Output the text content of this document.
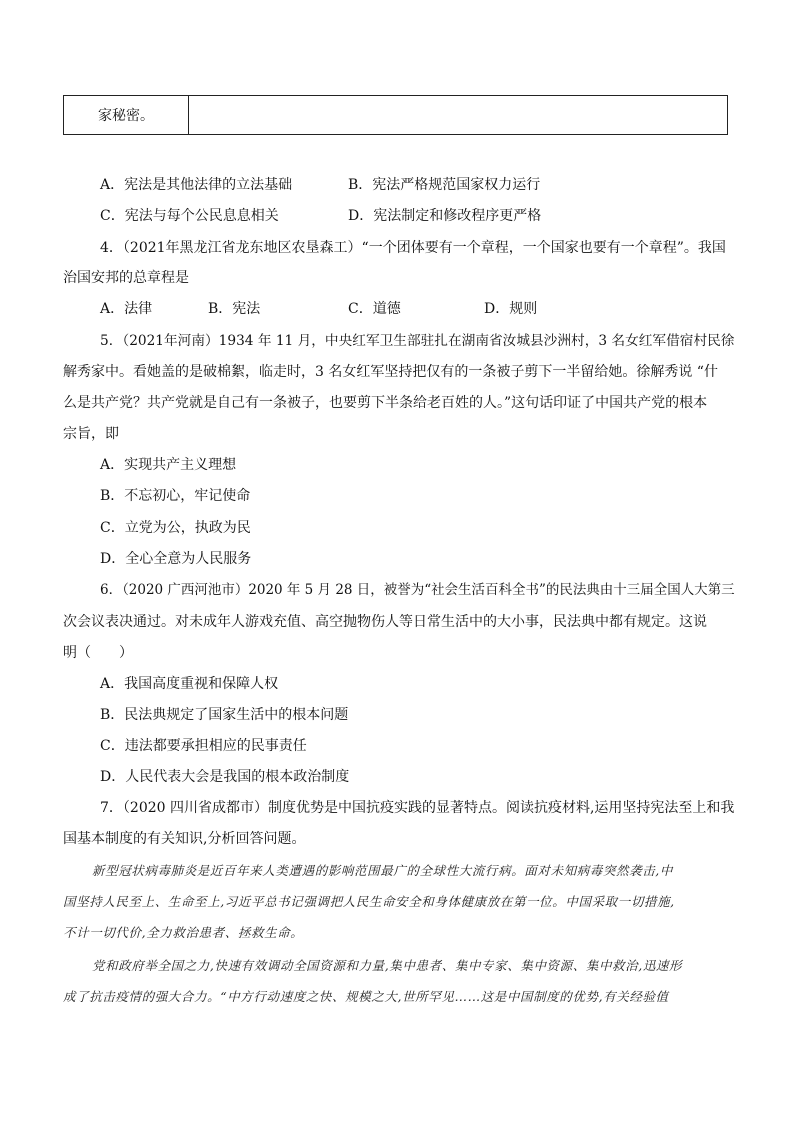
家秘密。
A．宪法是其他法律的立法基础	B．宪法严格规范国家权力运行
C．宪法与每个公民息息相关	D．宪法制定和修改程序更严格
4．（2021年黑龙江省龙东地区农垦森工）“一个团体要有一个章程，一个国家也要有一个章程”。我国
治国安邦的总章程是
A．法律	B．宪法	C．道德	D．规则
5．（2021年河南）1934 年 11 月，中央红军卫生部驻扎在湖南省汝城县沙洲村，3 名女红军借宿村民徐
解秀家中。看她盖的是破棉絮，临走时，3 名女红军坚持把仅有的一条被子剪下一半留给她。徐解秀说 “什
么是共产党？共产党就是自己有一条被子，也要剪下半条给老百姓的人。”这句话印证了中国共产党的根本
宗旨，即
A．实现共产主义理想
B．不忘初心，牢记使命
C．立党为公，执政为民
D．全心全意为人民服务
6．（2020 广西河池市）2020 年 5 月 28 日，被誉为“社会生活百科全书”的民法典由十三届全国人大第三
次会议表决通过。对未成年人游戏充值、高空抛物伤人等日常生活中的大小事，民法典中都有规定。这说
明（　　）
A．我国高度重视和保障人权
B．民法典规定了国家生活中的根本问题
C．违法都要承担相应的民事责任
D．人民代表大会是我国的根本政治制度
7．（2020 四川省成都市）制度优势是中国抗疫实践的显著特点。阅读抗疫材料,运用坚持宪法至上和我
国基本制度的有关知识,分析回答问题。
新型冠状病毒肺炎是近百年来人类遭遇的影响范围最广的全球性大流行病。面对未知病毒突然袭击,中
国坚持人民至上、生命至上,习近平总书记强调把人民生命安全和身体健康放在第一位。中国采取一切措施,
不计一切代价,全力救治患者、拯救生命。
党和政府举全国之力,快速有效调动全国资源和力量,集中患者、集中专家、集中资源、集中救治,迅速形
成了抗击疫情的强大合力。“中方行动速度之快、规模之大,世所罕见……这是中国制度的优势,有关经验值
